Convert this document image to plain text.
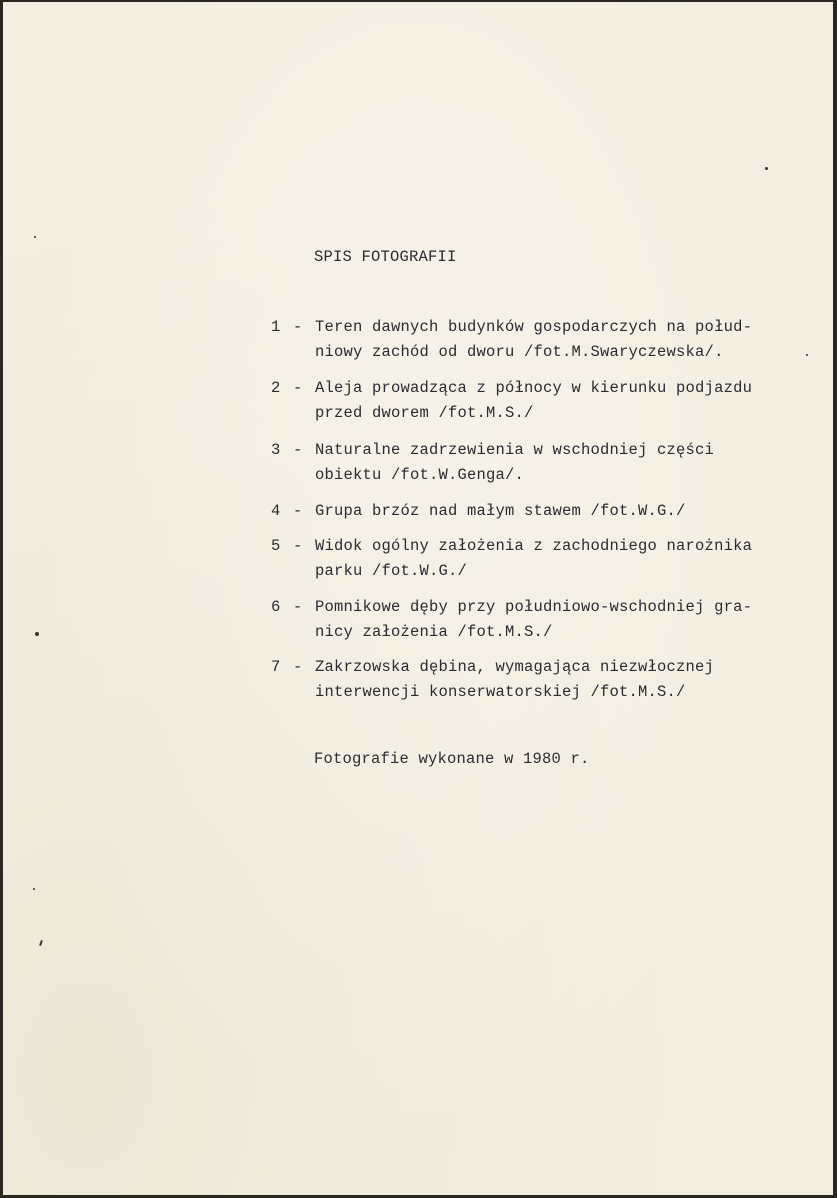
SPIS FOTOGRAFII

1

-

Teren dawnych budynków gospodarczych na połud-

niowy zachód od dworu /fot.M.Swaryczewska/.

2

-

Aleja prowadząca z północy w kierunku podjazdu

przed dworem /fot.M.S./

3

-

Naturalne zadrzewienia w wschodniej części

obiektu /fot.W.Genga/.

4

-

Grupa brzóz nad małym stawem /fot.W.G./

5

-

Widok ogólny założenia z zachodniego narożnika

parku /fot.W.G./

6

-

Pomnikowe dęby przy południowo-wschodniej gra-

nicy założenia /fot.M.S./

7

-

Zakrzowska dębina, wymagająca niezwłocznej

interwencji konserwatorskiej /fot.M.S./

Fotografie wykonane w 1980 r.
